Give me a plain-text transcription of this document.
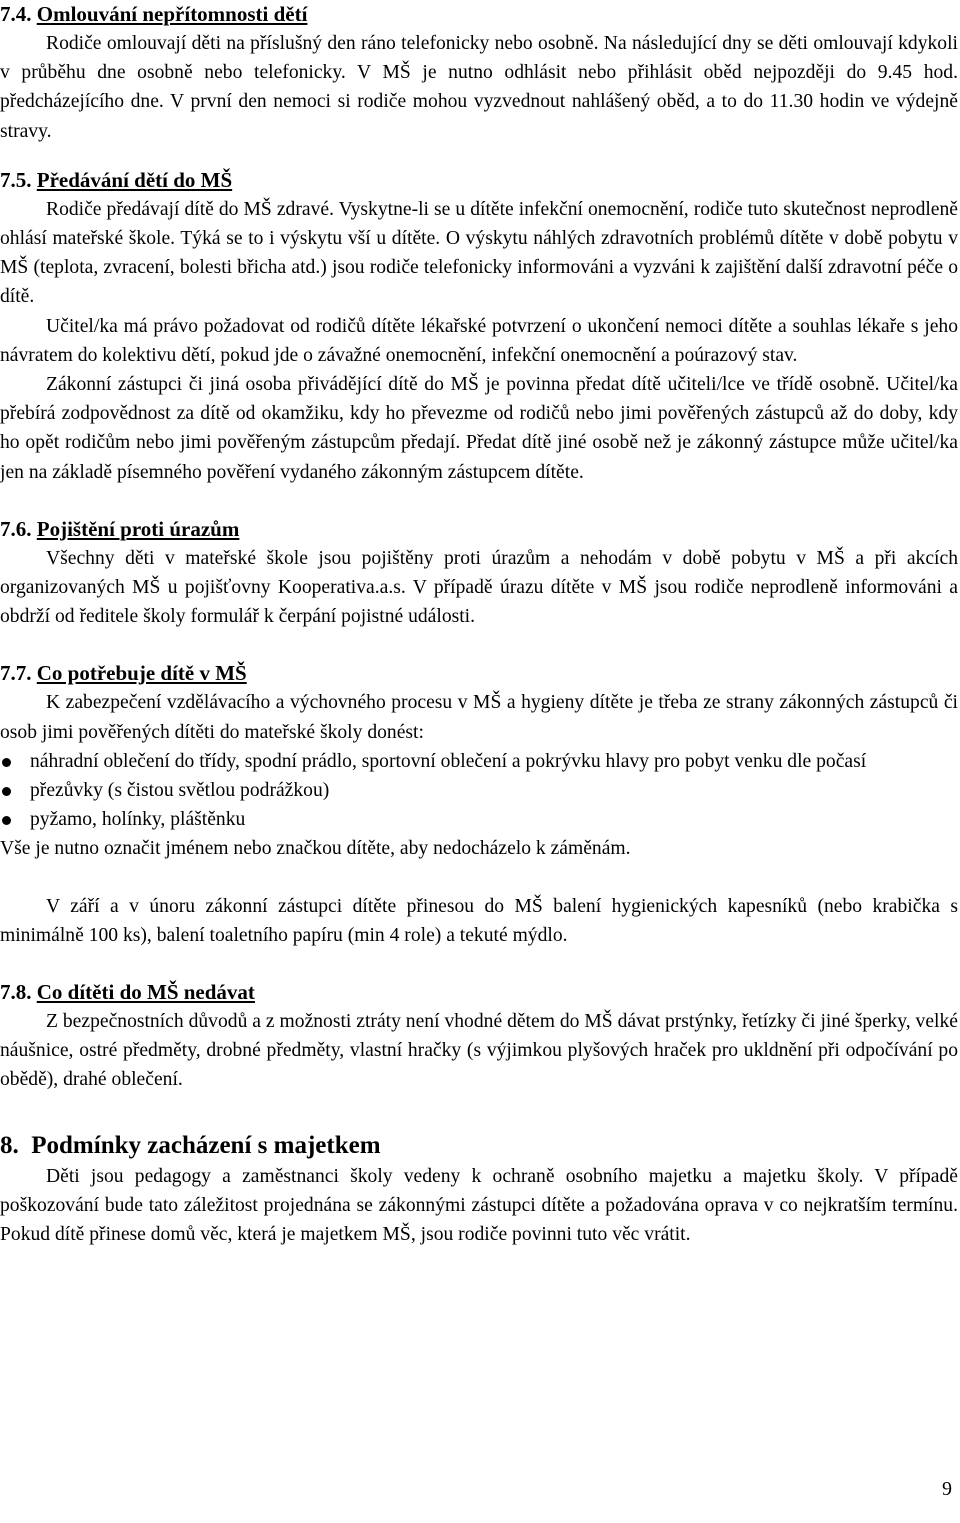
7.4. Omlouvání nepřítomnosti dětí

Rodiče omlouvají děti na příslušný den ráno telefonicky nebo osobně. Na následující dny se děti omlouvají kdykoli v průběhu dne osobně nebo telefonicky. V MŠ je nutno odhlásit nebo přihlásit oběd nejpozději do 9.45 hod. předcházejícího dne. V první den nemoci si rodiče mohou vyzvednout nahlášený oběd, a to do 11.30 hodin ve výdejně stravy.

7.5. Předávání dětí do MŠ

Rodiče předávají dítě do MŠ zdravé. Vyskytne-li se u dítěte infekční onemocnění, rodiče tuto skutečnost neprodleně ohlásí mateřské škole. Týká se to i výskytu vší u dítěte. O výskytu náhlých zdravotních problémů dítěte v době pobytu v MŠ (teplota, zvracení, bolesti břicha atd.) jsou rodiče telefonicky informováni a vyzváni k zajištění další zdravotní péče o dítě.

Učitel/ka má právo požadovat od rodičů dítěte lékařské potvrzení o ukončení nemoci dítěte a souhlas lékaře s jeho návratem do kolektivu dětí, pokud jde o závažné onemocnění, infekční onemocnění a poúrazový stav.

Zákonní zástupci či jiná osoba přivádějící dítě do MŠ je povinna předat dítě učiteli/lce ve třídě osobně. Učitel/ka přebírá zodpovědnost za dítě od okamžiku, kdy ho převezme od rodičů nebo jimi pověřených zástupců až do doby, kdy ho opět rodičům nebo jimi pověřeným zástupcům předají. Předat dítě jiné osobě než je zákonný zástupce může učitel/ka jen na základě písemného pověření vydaného zákonným zástupcem dítěte.

7.6. Pojištění proti úrazům

Všechny děti v mateřské škole jsou pojištěny proti úrazům a nehodám v době pobytu v MŠ a při akcích organizovaných MŠ u pojišťovny Kooperativa.a.s. V případě úrazu dítěte v MŠ jsou rodiče neprodleně informováni a obdrží od ředitele školy formulář k čerpání pojistné události.

7.7. Co potřebuje dítě v MŠ

K zabezpečení vzdělávacího a výchovného procesu v MŠ a hygieny dítěte je třeba ze strany zákonných zástupců či osob jimi pověřených dítěti do mateřské školy donést:

náhradní oblečení do třídy, spodní prádlo, sportovní oblečení a pokrývku hlavy pro pobyt venku dle počasí
přezůvky (s čistou světlou podrážkou)
pyžamo, holínky, pláštěnku

Vše je nutno označit jménem nebo značkou dítěte, aby nedocházelo k záměnám.

V září a v únoru zákonní zástupci dítěte přinesou do MŠ balení hygienických kapesníků (nebo krabička s minimálně 100 ks), balení toaletního papíru (min 4 role) a tekuté mýdlo.

7.8. Co dítěti do MŠ nedávat

Z bezpečnostních důvodů a z možnosti ztráty není vhodné dětem do MŠ dávat prstýnky, řetízky či jiné šperky, velké náušnice, ostré předměty, drobné předměty, vlastní hračky (s výjimkou plyšových hraček pro ukldnění při odpočívání po obědě), drahé oblečení.

8. Podmínky zacházení s majetkem

Děti jsou pedagogy a zaměstnanci školy vedeny k ochraně osobního majetku a majetku školy. V případě poškozování bude tato záležitost projednána se zákonnými zástupci dítěte a požadována oprava v co nejkratším termínu. Pokud dítě přinese domů věc, která je majetkem MŠ, jsou rodiče povinni tuto věc vrátit.

9
